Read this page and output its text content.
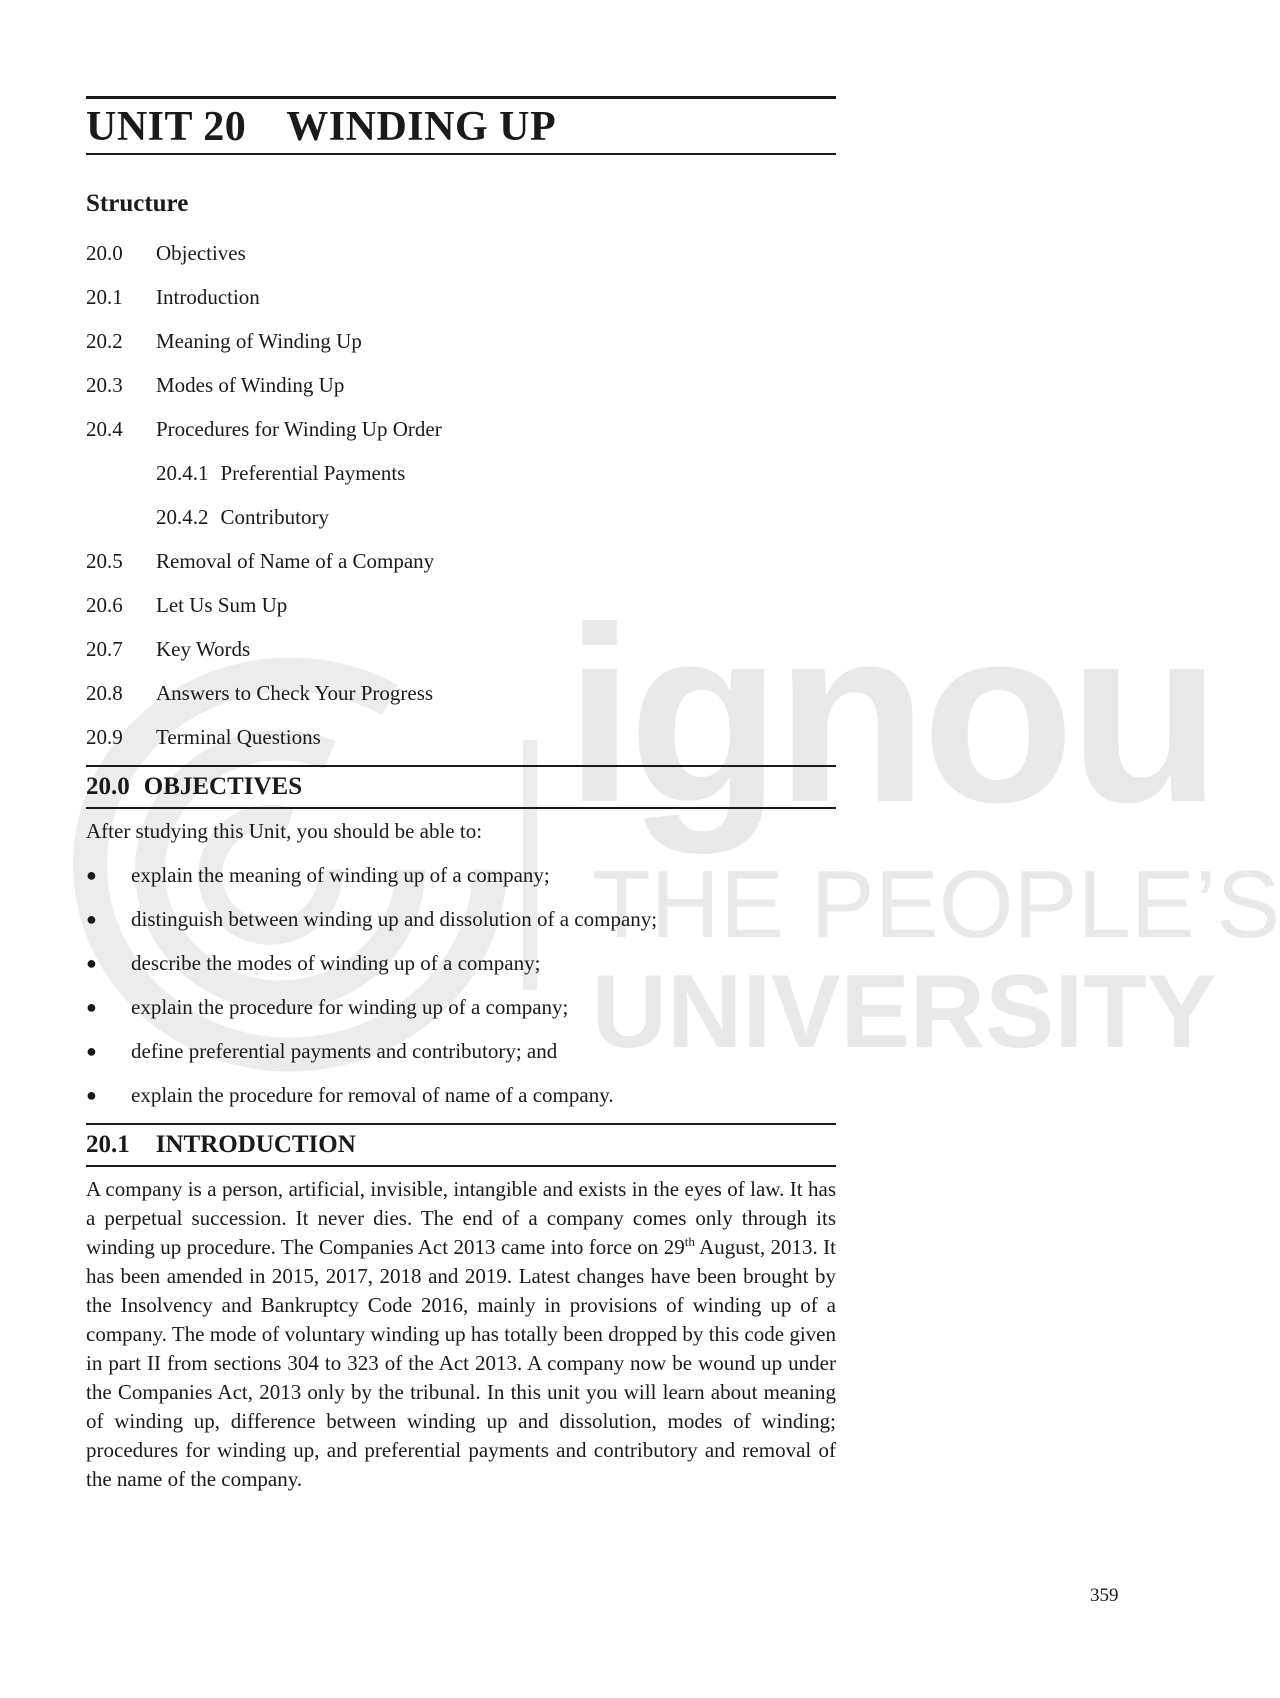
ignou
THE PEOPLE’S
UNIVERSITY
UNIT 20 WINDING UP
Structure
20.0 Objectives
20.1 Introduction
20.2 Meaning of Winding Up
20.3 Modes of Winding Up
20.4 Procedures for Winding Up Order
20.4.1 Preferential Payments
20.4.2 Contributory
20.5 Removal of Name of a Company
20.6 Let Us Sum Up
20.7 Key Words
20.8 Answers to Check Your Progress
20.9 Terminal Questions
20.0 OBJECTIVES

After studying this Unit, you should be able to:

● explain the meaning of winding up of a company;
● distinguish between winding up and dissolution of a company;
● describe the modes of winding up of a company;
● explain the procedure for winding up of a company;
● define preferential payments and contributory; and
● explain the procedure for removal of name of a company.
20.1 INTRODUCTION

A company is a person, artificial, invisible, intangible and exists in the eyes of law. It has a perpetual succession. It never dies. The end of a company comes only through its winding up procedure. The Companies Act 2013 came into force on 29th August, 2013. It has been amended in 2015, 2017, 2018 and 2019. Latest changes have been brought by the Insolvency and Bankruptcy Code 2016, mainly in provisions of winding up of a company. The mode of voluntary winding up has totally been dropped by this code given in part II from sections 304 to 323 of the Act 2013. A company now be wound up under the Companies Act, 2013 only by the tribunal. In this unit you will learn about meaning of winding up, difference between winding up and dissolution, modes of winding; procedures for winding up, and preferential payments and contributory and removal of the name of the company.

359
